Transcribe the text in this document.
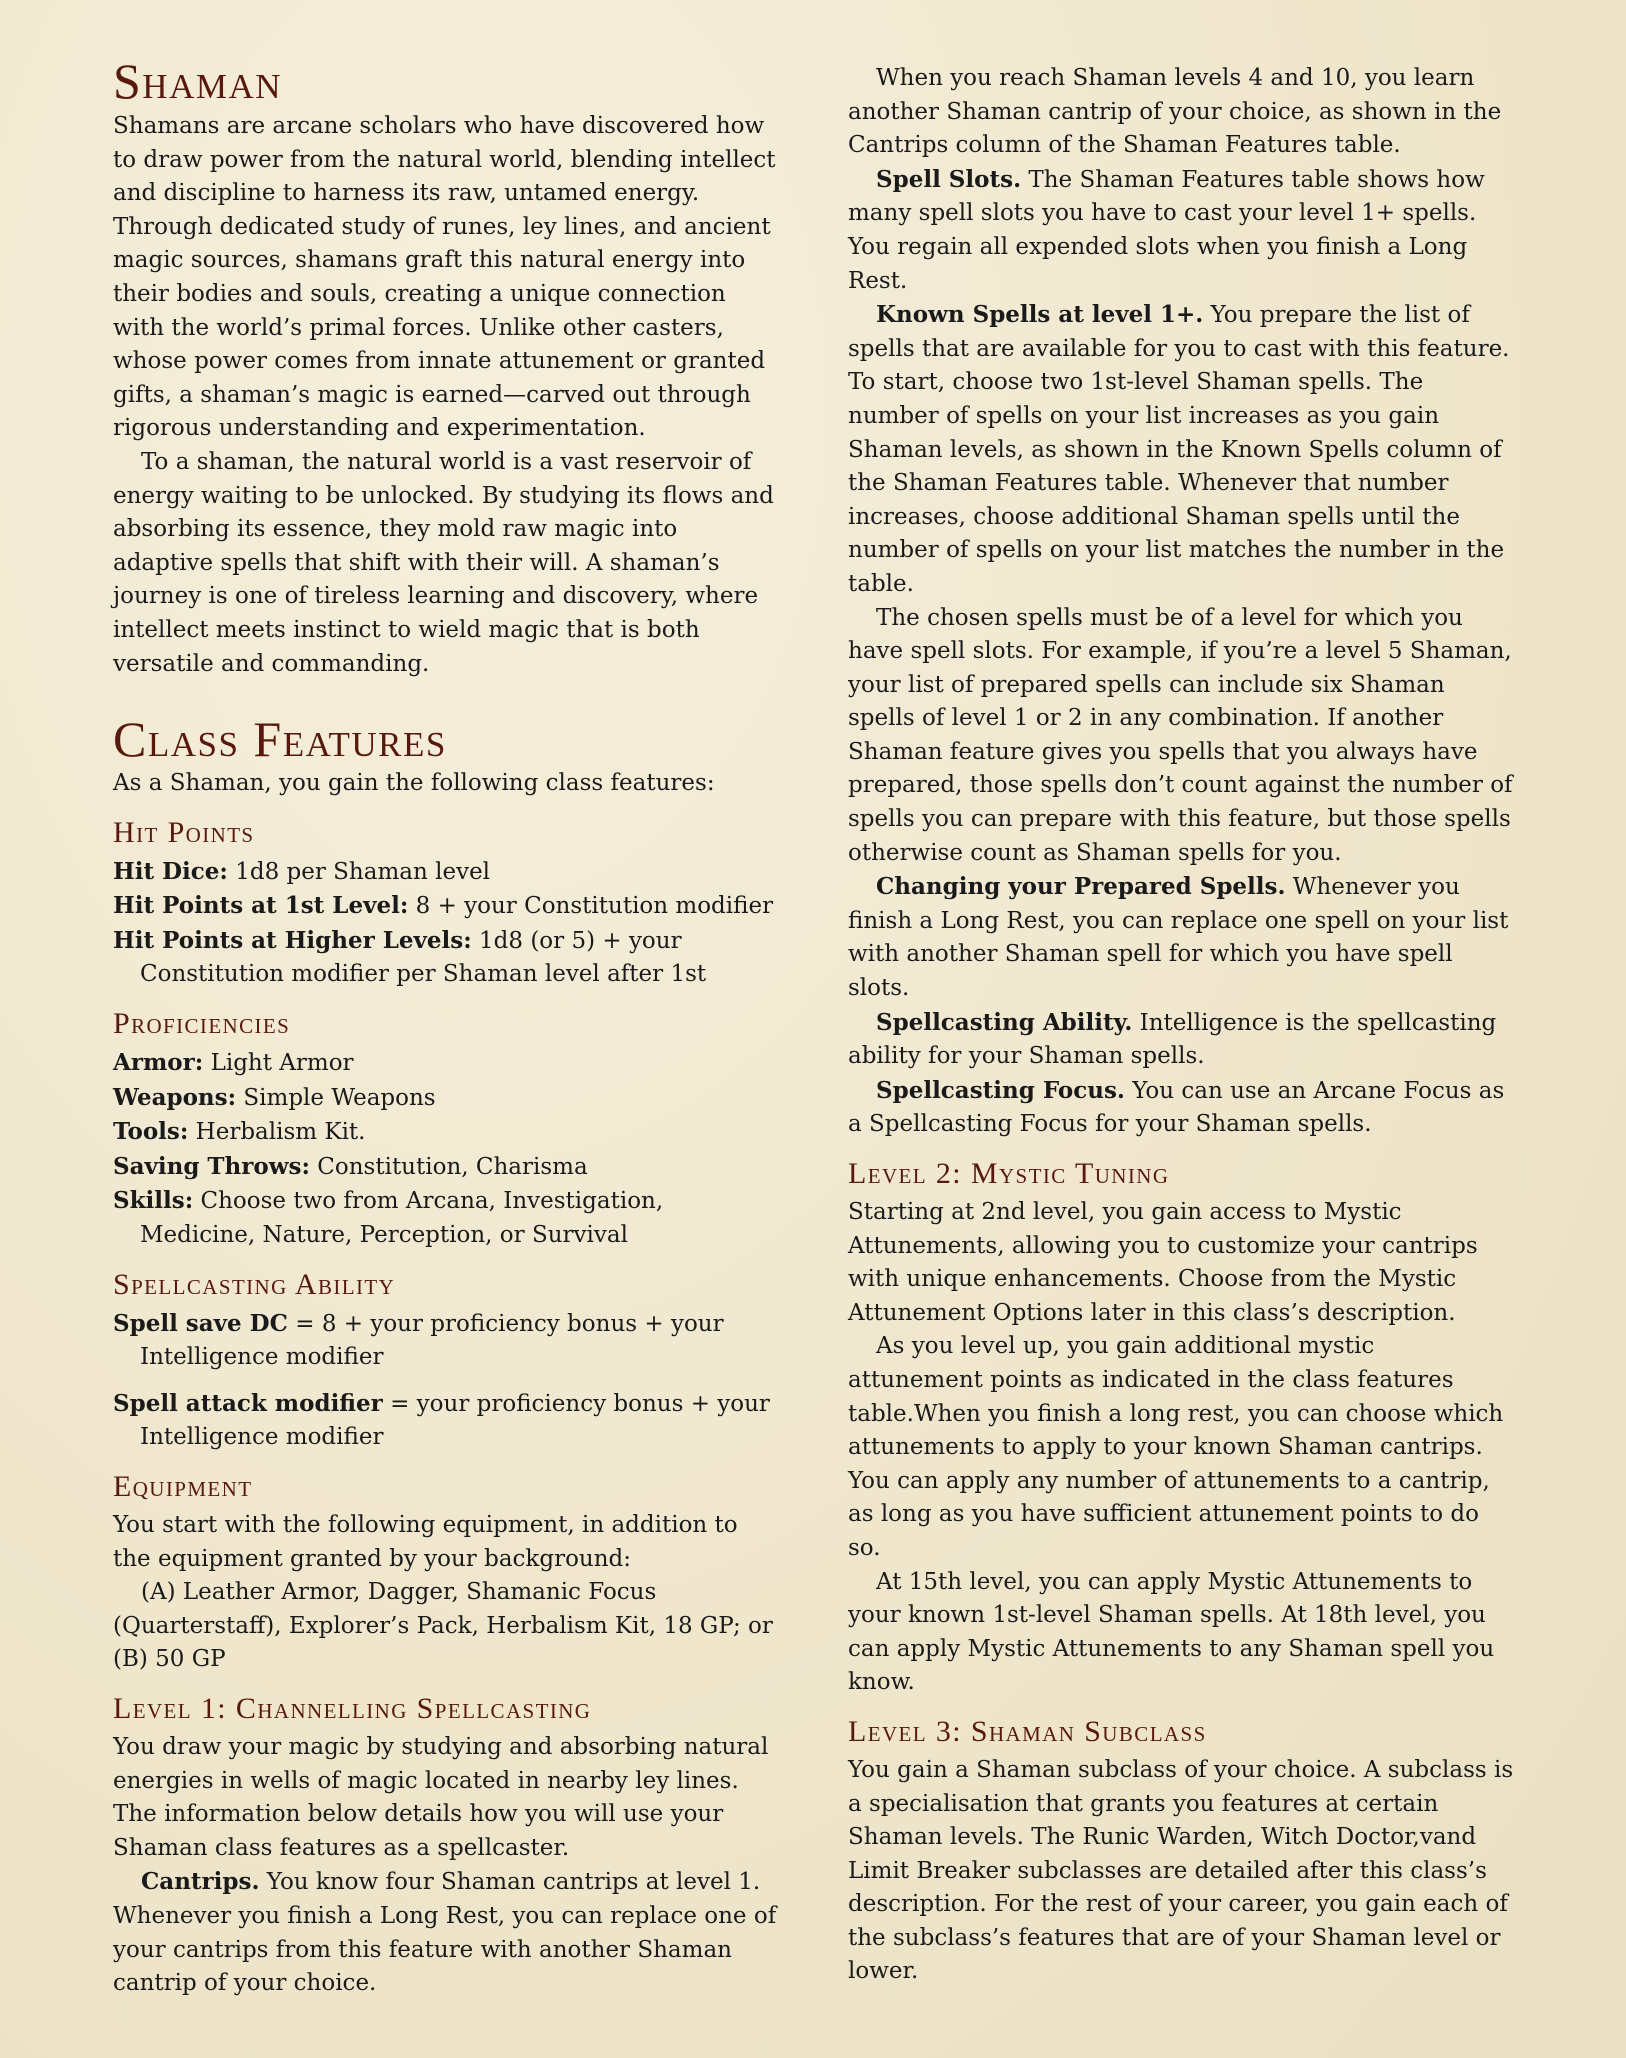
Shaman

Shamans are arcane scholars who have discovered how to draw power from the natural world, blending intellect and discipline to harness its raw, untamed energy. Through dedicated study of runes, ley lines, and ancient magic sources, shamans graft this natural energy into their bodies and souls, creating a unique connection with the world’s primal forces. Unlike other casters, whose power comes from innate attunement or granted gifts, a shaman’s magic is earned—carved out through rigorous understanding and experimentation.

To a shaman, the natural world is a vast reservoir of energy waiting to be unlocked. By studying its flows and absorbing its essence, they mold raw magic into adaptive spells that shift with their will. A shaman’s journey is one of tireless learning and discovery, where intellect meets instinct to wield magic that is both versatile and commanding.

Class Features

As a Shaman, you gain the following class features:

Hit Points

Hit Dice: 1d8 per Shaman level

Hit Points at 1st Level: 8 + your Constitution modifier

Hit Points at Higher Levels: 1d8 (or 5) + your Constitution modifier per Shaman level after 1st

Proficiencies

Armor: Light Armor

Weapons: Simple Weapons

Tools: Herbalism Kit.

Saving Throws: Constitution, Charisma

Skills: Choose two from Arcana, Investigation, Medicine, Nature, Perception, or Survival

Spellcasting Ability

Spell save DC = 8 + your proficiency bonus + your Intelligence modifier

Spell attack modifier = your proficiency bonus + your Intelligence modifier

Equipment

You start with the following equipment, in addition to the equipment granted by your background:

(A) Leather Armor, Dagger, Shamanic Focus (Quarterstaff), Explorer’s Pack, Herbalism Kit, 18 GP; or (B) 50 GP

Level 1: Channelling Spellcasting

You draw your magic by studying and absorbing natural energies in wells of magic located in nearby ley lines. The information below details how you will use your Shaman class features as a spellcaster.

Cantrips. You know four Shaman cantrips at level 1. Whenever you finish a Long Rest, you can replace one of your cantrips from this feature with another Shaman cantrip of your choice.

When you reach Shaman levels 4 and 10, you learn another Shaman cantrip of your choice, as shown in the Cantrips column of the Shaman Features table.

Spell Slots. The Shaman Features table shows how many spell slots you have to cast your level 1+ spells. You regain all expended slots when you finish a Long Rest.

Known Spells at level 1+. You prepare the list of spells that are available for you to cast with this feature. To start, choose two 1st-level Shaman spells. The number of spells on your list increases as you gain Shaman levels, as shown in the Known Spells column of the Shaman Features table. Whenever that number increases, choose additional Shaman spells until the number of spells on your list matches the number in the table.

The chosen spells must be of a level for which you have spell slots. For example, if you’re a level 5 Shaman, your list of prepared spells can include six Shaman spells of level 1 or 2 in any combination. If another Shaman feature gives you spells that you always have prepared, those spells don’t count against the number of spells you can prepare with this feature, but those spells otherwise count as Shaman spells for you.

Changing your Prepared Spells. Whenever you finish a Long Rest, you can replace one spell on your list with another Shaman spell for which you have spell slots.

Spellcasting Ability. Intelligence is the spellcasting ability for your Shaman spells.

Spellcasting Focus. You can use an Arcane Focus as a Spellcasting Focus for your Shaman spells.

Level 2: Mystic Tuning

Starting at 2nd level, you gain access to Mystic Attunements, allowing you to customize your cantrips with unique enhancements. Choose from the Mystic Attunement Options later in this class’s description.

As you level up, you gain additional mystic attunement points as indicated in the class features table.When you finish a long rest, you can choose which attunements to apply to your known Shaman cantrips. You can apply any number of attunements to a cantrip, as long as you have sufficient attunement points to do so.

At 15th level, you can apply Mystic Attunements to your known 1st-level Shaman spells. At 18th level, you can apply Mystic Attunements to any Shaman spell you know.

Level 3: Shaman Subclass

You gain a Shaman subclass of your choice. A subclass is a specialisation that grants you features at certain Shaman levels. The Runic Warden, Witch Doctor,vand Limit Breaker subclasses are detailed after this class’s description. For the rest of your career, you gain each of the subclass’s features that are of your Shaman level or lower.
